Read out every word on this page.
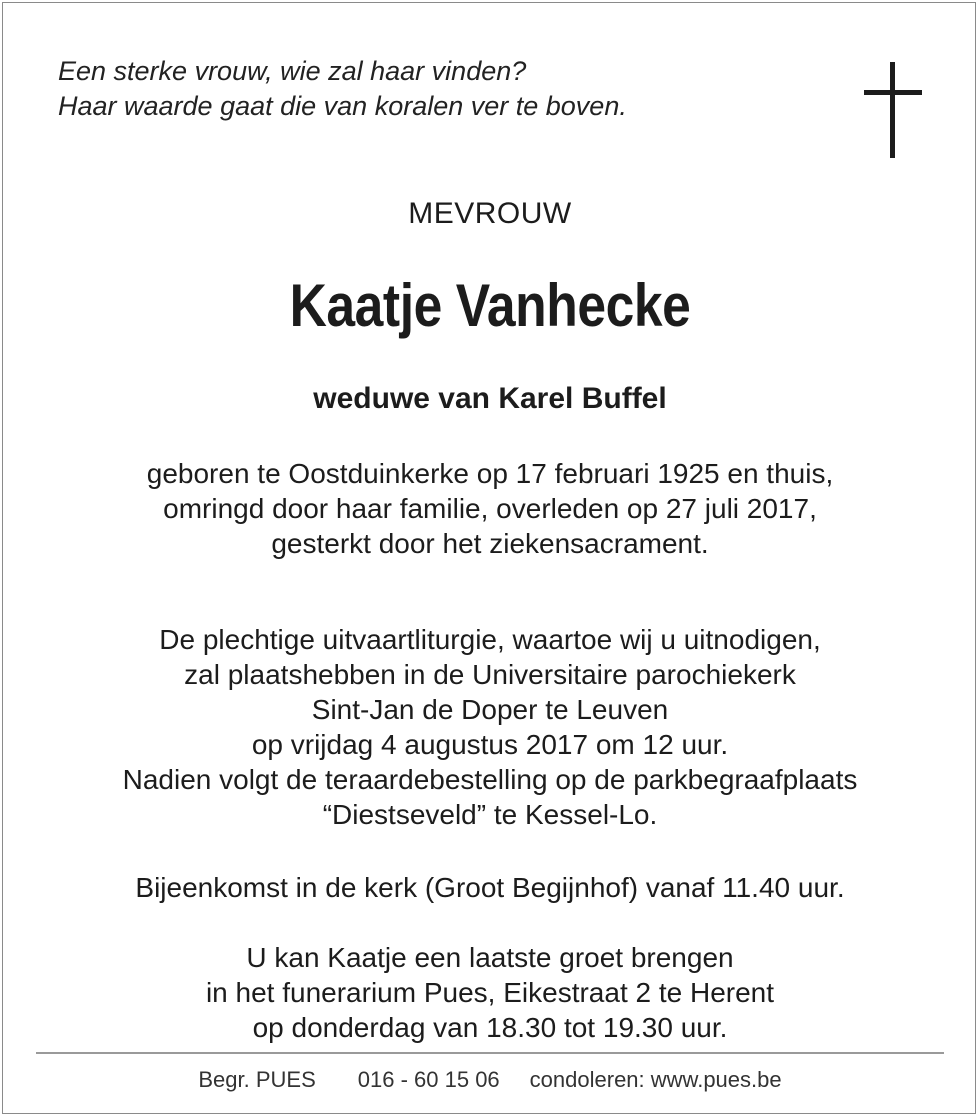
Een sterke vrouw, wie zal haar vinden?
Haar waarde gaat die van koralen ver te boven.
MEVROUW
Kaatje Vanhecke
weduwe van Karel Buffel
geboren te Oostduinkerke op 17 februari 1925 en thuis,
omringd door haar familie, overleden op 27 juli 2017,
gesterkt door het ziekensacrament.
De plechtige uitvaartliturgie, waartoe wij u uitnodigen,
zal plaatshebben in de Universitaire parochiekerk
Sint-Jan de Doper te Leuven
op vrijdag 4 augustus 2017 om 12 uur.
Nadien volgt de teraardebestelling op de parkbegraafplaats
“Diestseveld” te Kessel-Lo.
Bijeenkomst in de kerk (Groot Begijnhof) vanaf 11.40 uur.
U kan Kaatje een laatste groet brengen
in het funerarium Pues, Eikestraat 2 te Herent
op donderdag van 18.30 tot 19.30 uur.
Begr. PUES 016 - 60 15 06 condoleren: www.pues.be
